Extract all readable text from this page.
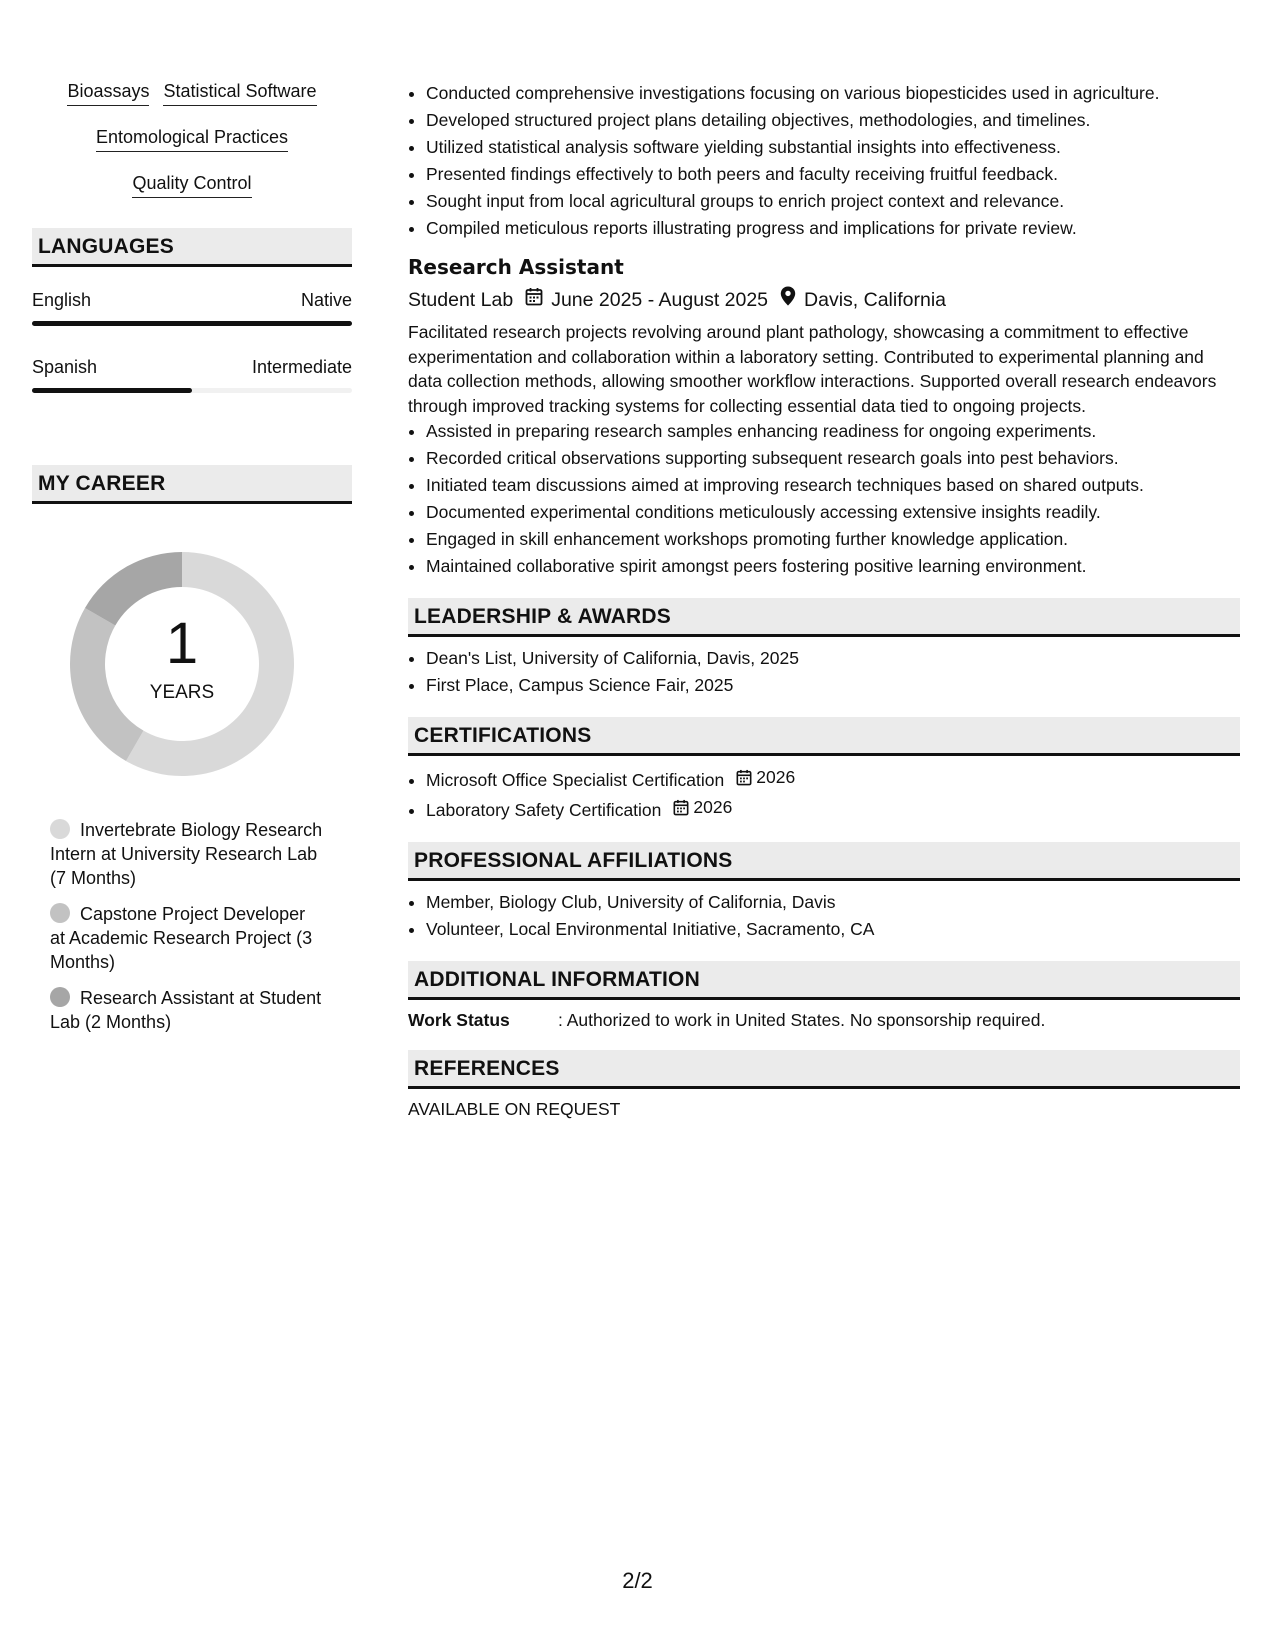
Bioassays Statistical Software
Entomological Practices
Quality Control
LANGUAGES
English	Native
Spanish	Intermediate
MY CAREER
1
YEARS
Invertebrate Biology Research Intern at University Research Lab (7 Months)
Capstone Project Developer at Academic Research Project (3 Months)
Research Assistant at Student Lab (2 Months)
• Conducted comprehensive investigations focusing on various biopesticides used in agriculture.
• Developed structured project plans detailing objectives, methodologies, and timelines.
• Utilized statistical analysis software yielding substantial insights into effectiveness.
• Presented findings effectively to both peers and faculty receiving fruitful feedback.
• Sought input from local agricultural groups to enrich project context and relevance.
• Compiled meticulous reports illustrating progress and implications for private review.
Research Assistant
Student Lab June 2025 - August 2025 Davis, California
Facilitated research projects revolving around plant pathology, showcasing a commitment to effective experimentation and collaboration within a laboratory setting. Contributed to experimental planning and data collection methods, allowing smoother workflow interactions. Supported overall research endeavors through improved tracking systems for collecting essential data tied to ongoing projects.
• Assisted in preparing research samples enhancing readiness for ongoing experiments.
• Recorded critical observations supporting subsequent research goals into pest behaviors.
• Initiated team discussions aimed at improving research techniques based on shared outputs.
• Documented experimental conditions meticulously accessing extensive insights readily.
• Engaged in skill enhancement workshops promoting further knowledge application.
• Maintained collaborative spirit amongst peers fostering positive learning environment.
LEADERSHIP & AWARDS
• Dean's List, University of California, Davis, 2025
• First Place, Campus Science Fair, 2025
CERTIFICATIONS
• Microsoft Office Specialist Certification 2026
• Laboratory Safety Certification 2026
PROFESSIONAL AFFILIATIONS
• Member, Biology Club, University of California, Davis
• Volunteer, Local Environmental Initiative, Sacramento, CA
ADDITIONAL INFORMATION
Work Status	: Authorized to work in United States. No sponsorship required.
REFERENCES
AVAILABLE ON REQUEST
2/2
